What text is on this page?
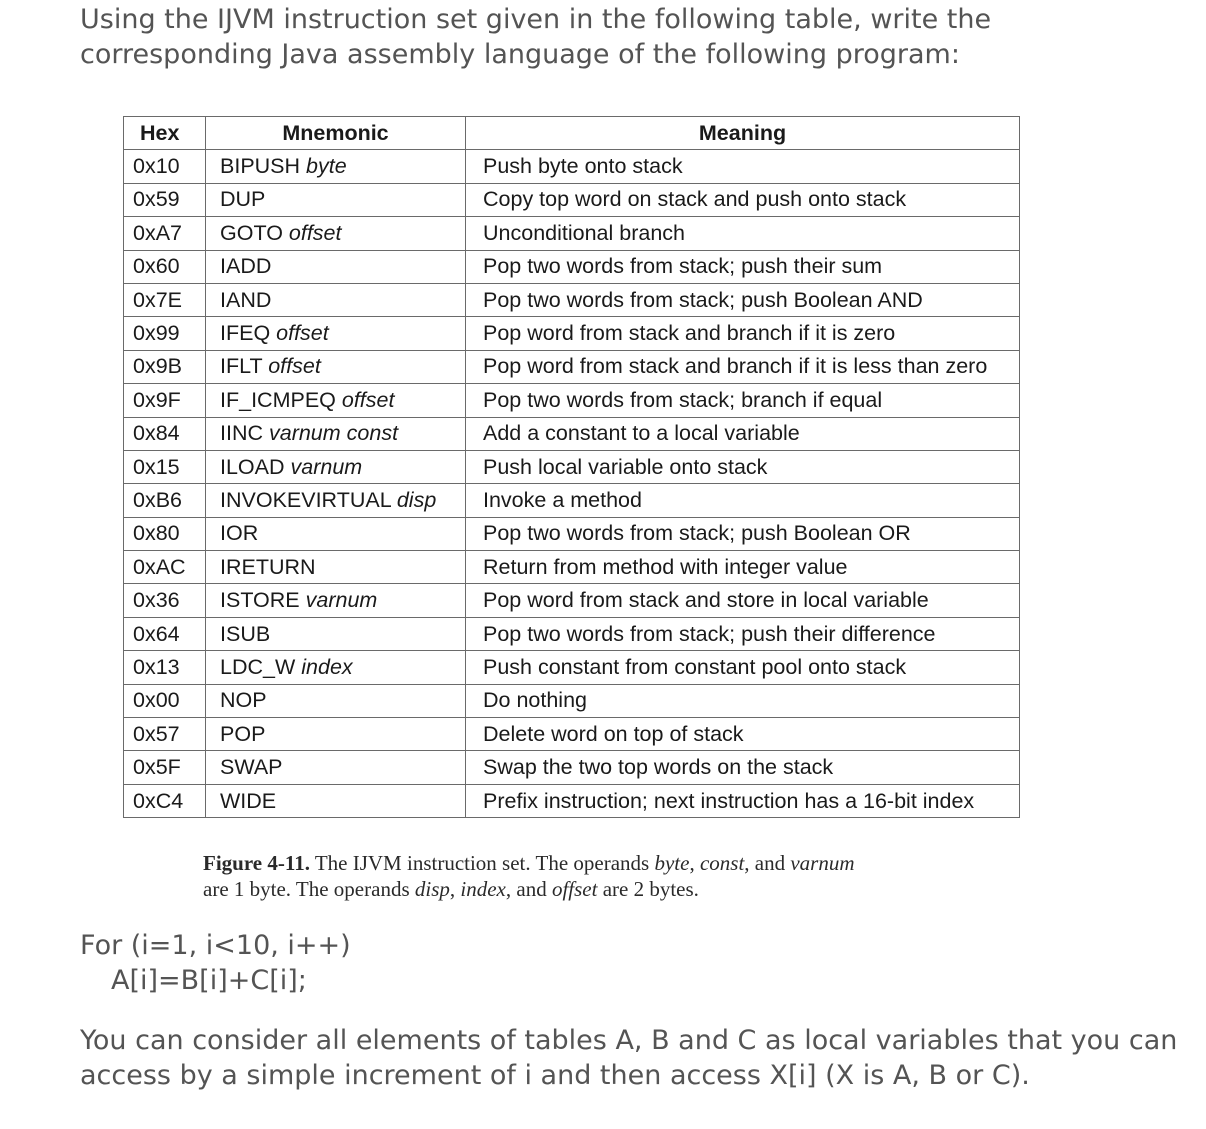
Using the IJVM instruction set given in the following table, write the corresponding Java assembly language of the following program:
Hex	Mnemonic	Meaning
0x10	BIPUSH byte	Push byte onto stack
0x59	DUP	Copy top word on stack and push onto stack
0xA7	GOTO offset	Unconditional branch
0x60	IADD	Pop two words from stack; push their sum
0x7E	IAND	Pop two words from stack; push Boolean AND
0x99	IFEQ offset	Pop word from stack and branch if it is zero
0x9B	IFLT offset	Pop word from stack and branch if it is less than zero
0x9F	IF_ICMPEQ offset	Pop two words from stack; branch if equal
0x84	IINC varnum const	Add a constant to a local variable
0x15	ILOAD varnum	Push local variable onto stack
0xB6	INVOKEVIRTUAL disp	Invoke a method
0x80	IOR	Pop two words from stack; push Boolean OR
0xAC	IRETURN	Return from method with integer value
0x36	ISTORE varnum	Pop word from stack and store in local variable
0x64	ISUB	Pop two words from stack; push their difference
0x13	LDC_W index	Push constant from constant pool onto stack
0x00	NOP	Do nothing
0x57	POP	Delete word on top of stack
0x5F	SWAP	Swap the two top words on the stack
0xC4	WIDE	Prefix instruction; next instruction has a 16-bit index
Figure 4-11. The IJVM instruction set. The operands byte, const, and varnum
are 1 byte. The operands disp, index, and offset are 2 bytes.
For (i=1, i<10, i++)
A[i]=B[i]+C[i];
You can consider all elements of tables A, B and C as local variables that you can access by a simple increment of i and then access X[i] (X is A, B or C).
